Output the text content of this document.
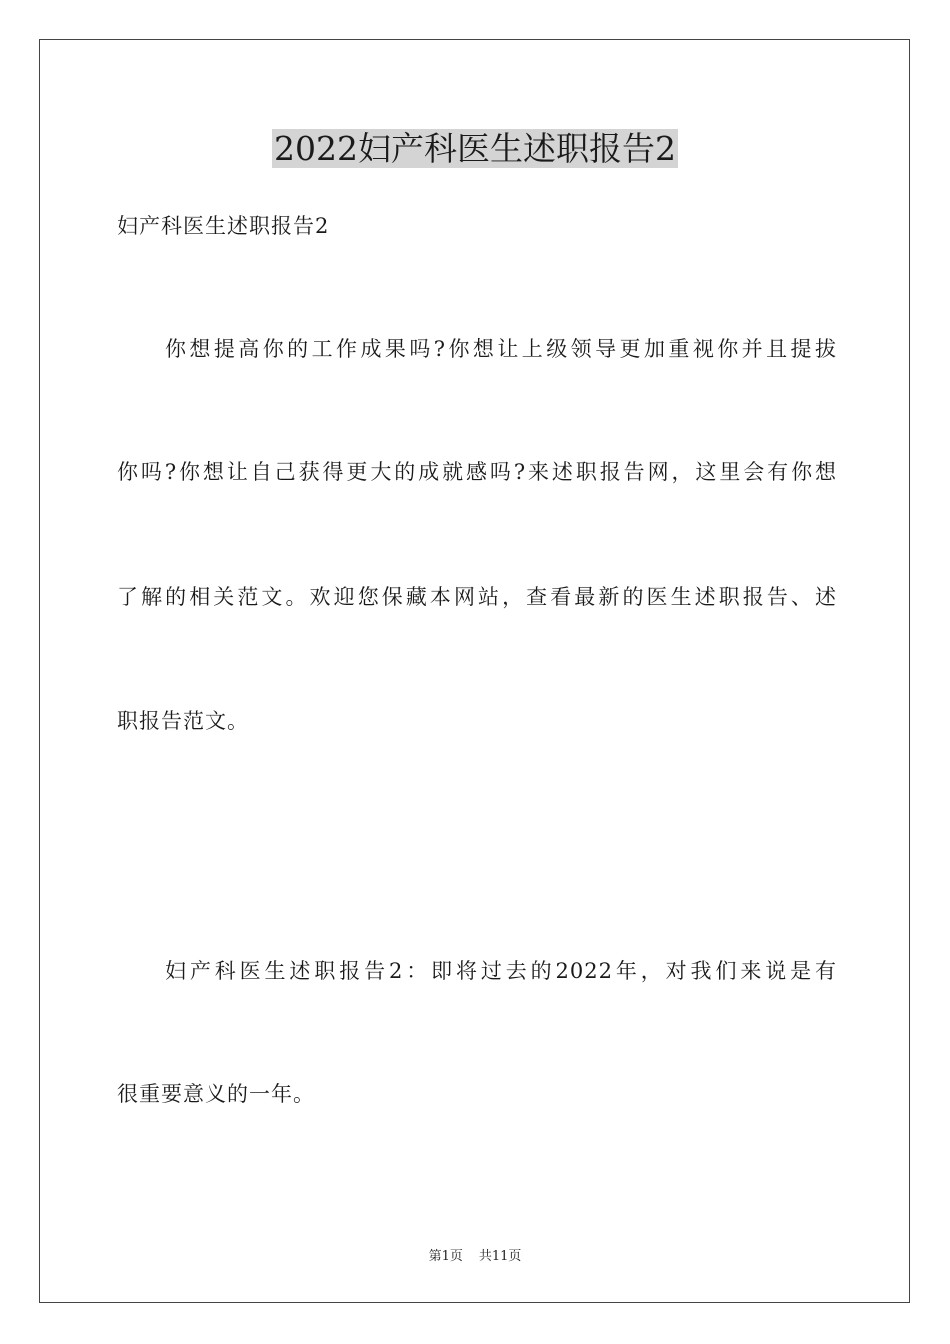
2022妇产科医生述职报告2
妇产科医生述职报告2
你想提高你的工作成果吗?你想让上级领导更加重视你并且提拔
你吗?你想让自己获得更大的成就感吗?来述职报告网，这里会有你想
了解的相关范文。欢迎您保藏本网站，查看最新的医生述职报告、述
职报告范文。
妇产科医生述职报告2：即将过去的2022年，对我们来说是有
很重要意义的一年。
第1页 共11页
